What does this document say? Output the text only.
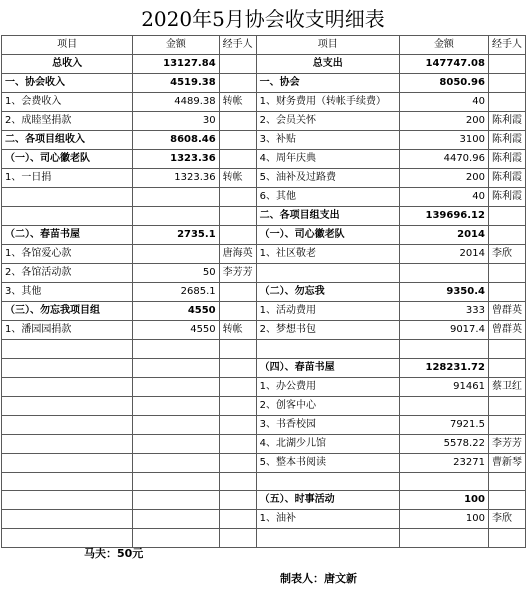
2020年5月协会收支明细表
项目	金额	经手人	项目	金额	经手人
总收入	13127.84		总支出	147747.08	
一、协会收入	4519.38		一、协会	8050.96	
1、会费收入	4489.38	转帐	1、财务费用（转帐手续费）	40	
2、成睦坚捐款	30		2、会员关怀	200	陈利霞
二、各项目组收入	8608.46		3、补贴	3100	陈利霞
（一）、司心徽老队	1323.36		4、周年庆典	4470.96	陈利霞
1、一日捐	1323.36	转帐	5、油补及过路费	200	陈利霞
			6、其他	40	陈利霞
			二、各项目组支出	139696.12	
（二）、春苗书屋	2735.1		（一）、司心徽老队	2014	
1、各馆爱心款		唐海英	1、社区敬老	2014	李欣
2、各馆活动款	50	李芳芳			
3、其他	2685.1		（二）、勿忘我	9350.4	
（三）、勿忘我项目组	4550		1、活动费用	333	曾群英
1、潘园园捐款	4550	转帐	2、梦想书包	9017.4	曾群英

			（四）、春苗书屋	128231.72	
			1、办公费用	91461	蔡卫红
			2、创客中心		
			3、书香校园	7921.5	
			4、北湖少儿馆	5578.22	李芳芳
			5、整本书阅读	23271	曹新琴

			（五）、时事活动	100	
			1、油补	100	李欣

马夫：50元
制表人：唐文新
